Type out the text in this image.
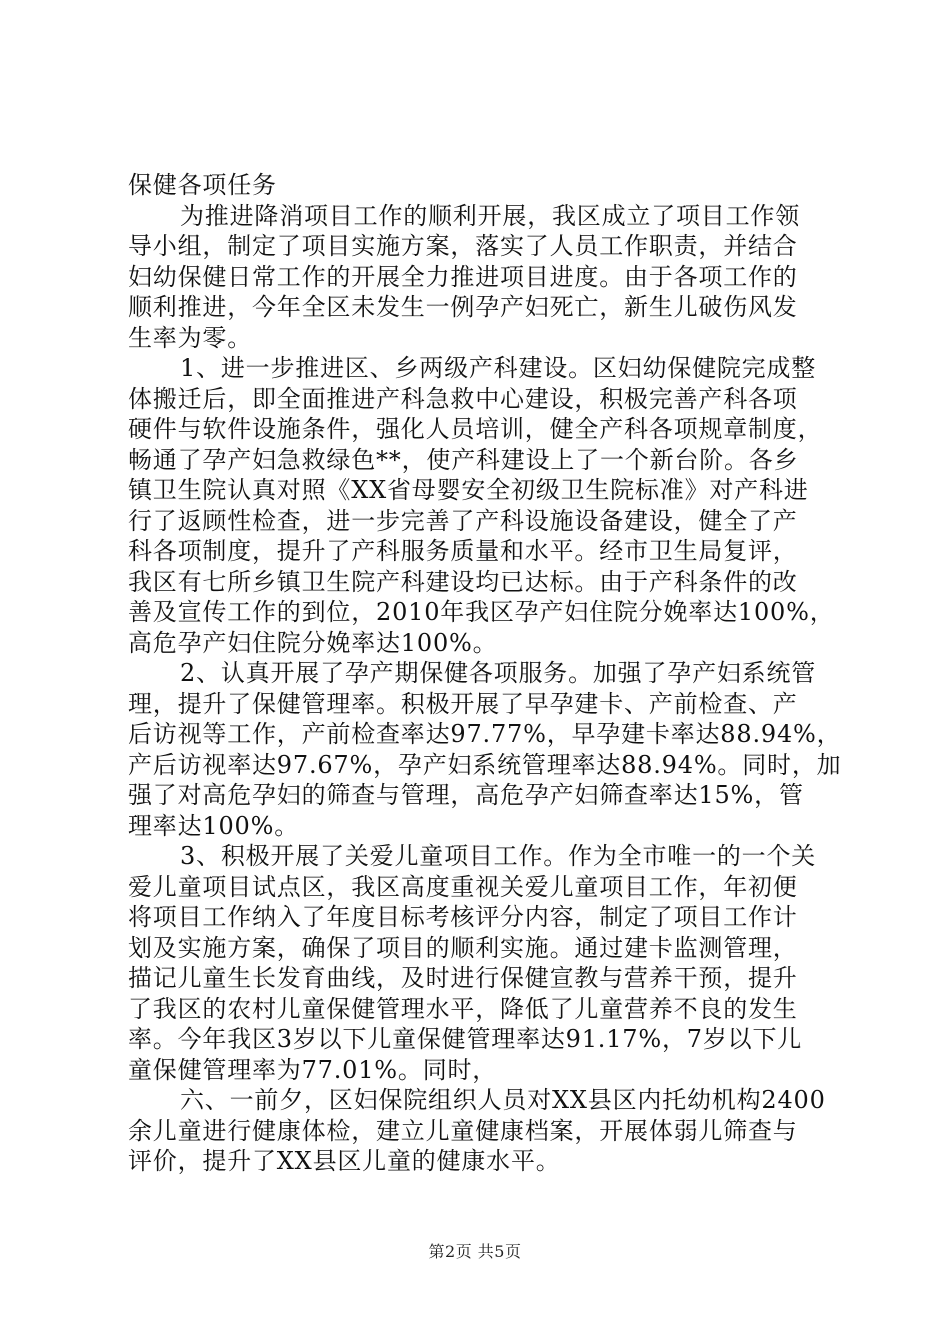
保健各项任务
为推进降消项目工作的顺利开展，我区成立了项目工作领
导小组，制定了项目实施方案，落实了人员工作职责，并结合
妇幼保健日常工作的开展全力推进项目进度。由于各项工作的
顺利推进，今年全区未发生一例孕产妇死亡，新生儿破伤风发
生率为零。
1、进一步推进区、乡两级产科建设。区妇幼保健院完成整
体搬迁后，即全面推进产科急救中心建设，积极完善产科各项
硬件与软件设施条件，强化人员培训，健全产科各项规章制度，
畅通了孕产妇急救绿色**，使产科建设上了一个新台阶。各乡
镇卫生院认真对照《XX省母婴安全初级卫生院标准》对产科进
行了返顾性检查，进一步完善了产科设施设备建设，健全了产
科各项制度，提升了产科服务质量和水平。经市卫生局复评，
我区有七所乡镇卫生院产科建设均已达标。由于产科条件的改
善及宣传工作的到位，2010年我区孕产妇住院分娩率达100%，
高危孕产妇住院分娩率达100%。
2、认真开展了孕产期保健各项服务。加强了孕产妇系统管
理，提升了保健管理率。积极开展了早孕建卡、产前检查、产
后访视等工作，产前检查率达97.77%，早孕建卡率达88.94%，
产后访视率达97.67%，孕产妇系统管理率达88.94%。同时，加
强了对高危孕妇的筛查与管理，高危孕产妇筛查率达15%，管
理率达100%。
3、积极开展了关爱儿童项目工作。作为全市唯一的一个关
爱儿童项目试点区，我区高度重视关爱儿童项目工作，年初便
将项目工作纳入了年度目标考核评分内容，制定了项目工作计
划及实施方案，确保了项目的顺利实施。通过建卡监测管理，
描记儿童生长发育曲线，及时进行保健宣教与营养干预，提升
了我区的农村儿童保健管理水平，降低了儿童营养不良的发生
率。今年我区3岁以下儿童保健管理率达91.17%，7岁以下儿
童保健管理率为77.01%。同时，
六、一前夕，区妇保院组织人员对XX县区内托幼机构2400
余儿童进行健康体检，建立儿童健康档案，开展体弱儿筛查与
评价，提升了XX县区儿童的健康水平。
第2页 共5页
